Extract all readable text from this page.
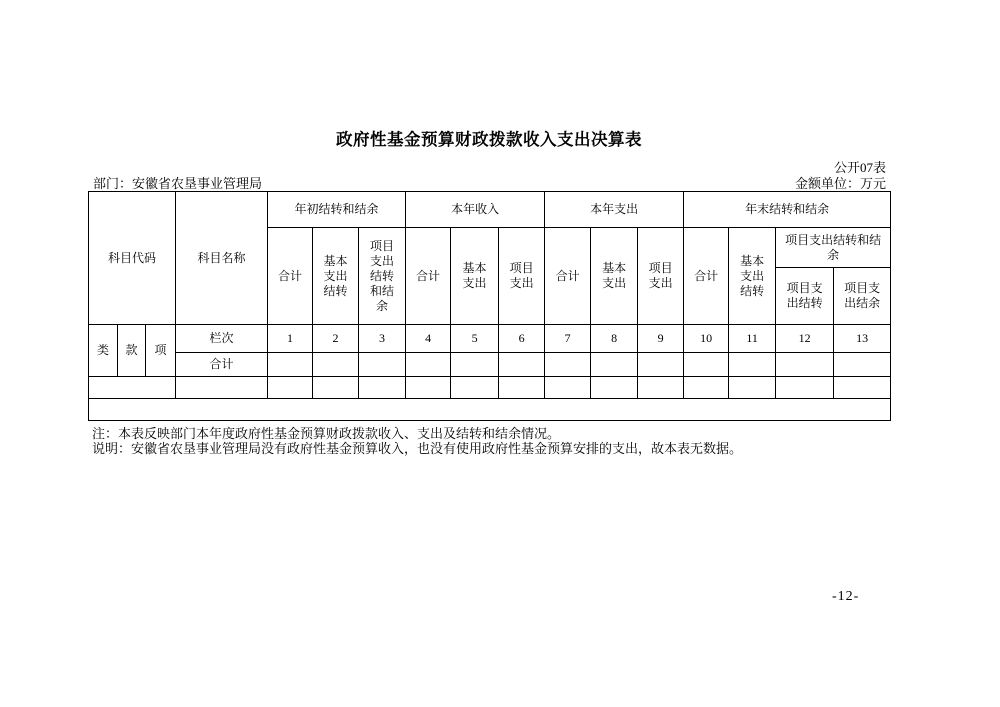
政府性基金预算财政拨款收入支出决算表
公开07表
部门：安徽省农垦事业管理局	金额单位：万元
科目代码			科目名称	年初结转和结余			本年收入			本年支出			年末结转和结余			
				合计	基本支出结转	项目支出结转和结余	合计	基本支出	项目支出	合计	基本支出	项目支出	合计	基本支出结转	项目支出结转和结余	
															项目支出结转	项目支出结余
类	款	项	栏次	1	2	3	4	5	6	7	8	9	10	11	12	13
			合计													

注：本表反映部门本年度政府性基金预算财政拨款收入、支出及结转和结余情况。
说明：安徽省农垦事业管理局没有政府性基金预算收入，也没有使用政府性基金预算安排的支出，故本表无数据。
-12-
